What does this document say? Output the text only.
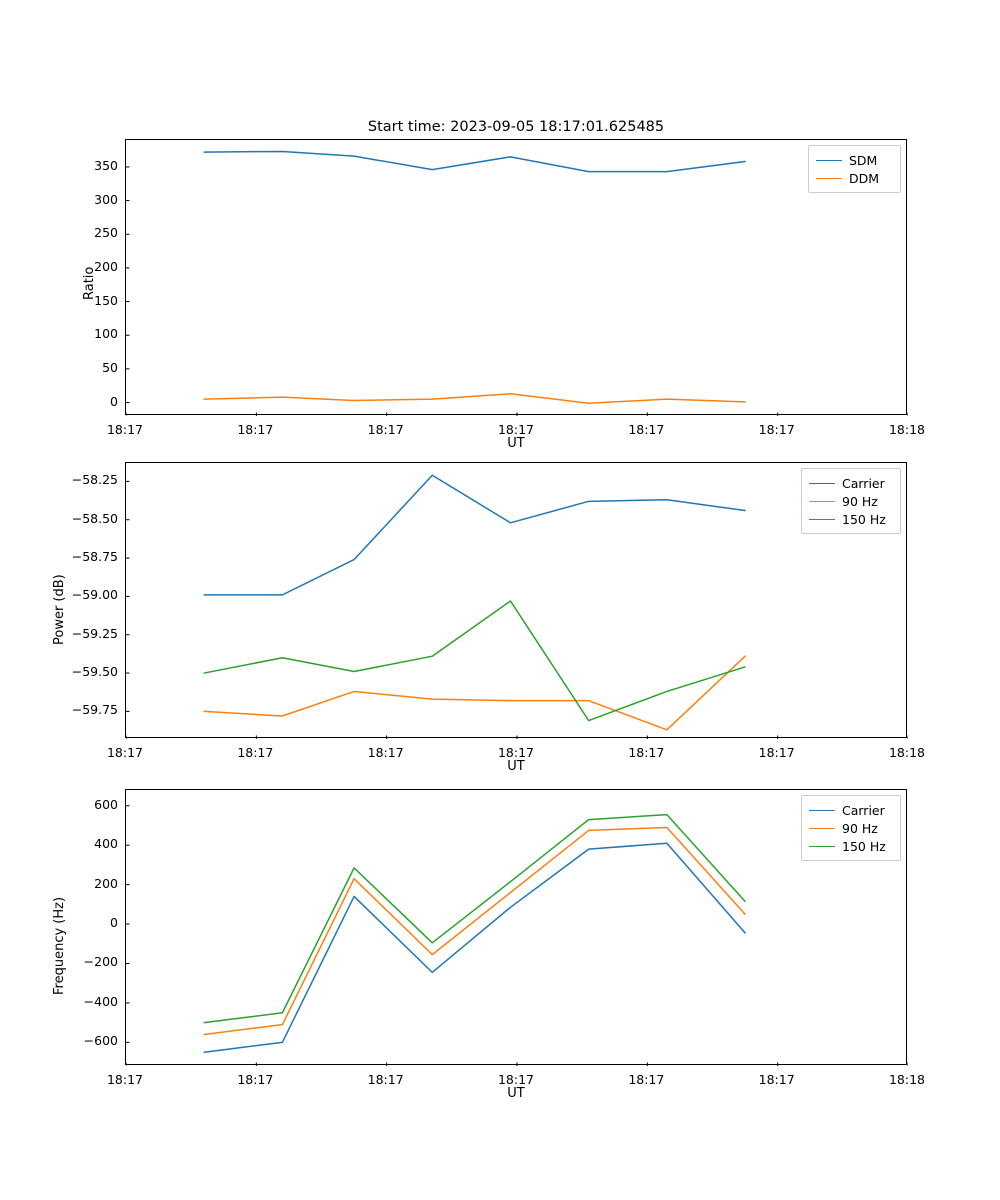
Start time: 2023-09-05 18:17:01.625485
Ratio
UT
18:17	18:17	18:17	18:17	18:17	18:17	18:18
0
50
100
150
200
250
300
350	SDM
DDM
Power (dB)
UT
18:17	18:17	18:17	18:17	18:17	18:17	18:18
−59.75
−59.50
−59.25
−59.00
−58.75
−58.50
−58.25	Carrier
90 Hz
150 Hz
Frequency (Hz)
UT
18:17	18:17	18:17	18:17	18:17	18:17	18:18
−600
−400
−200
0
200
400
600	Carrier
90 Hz
150 Hz
